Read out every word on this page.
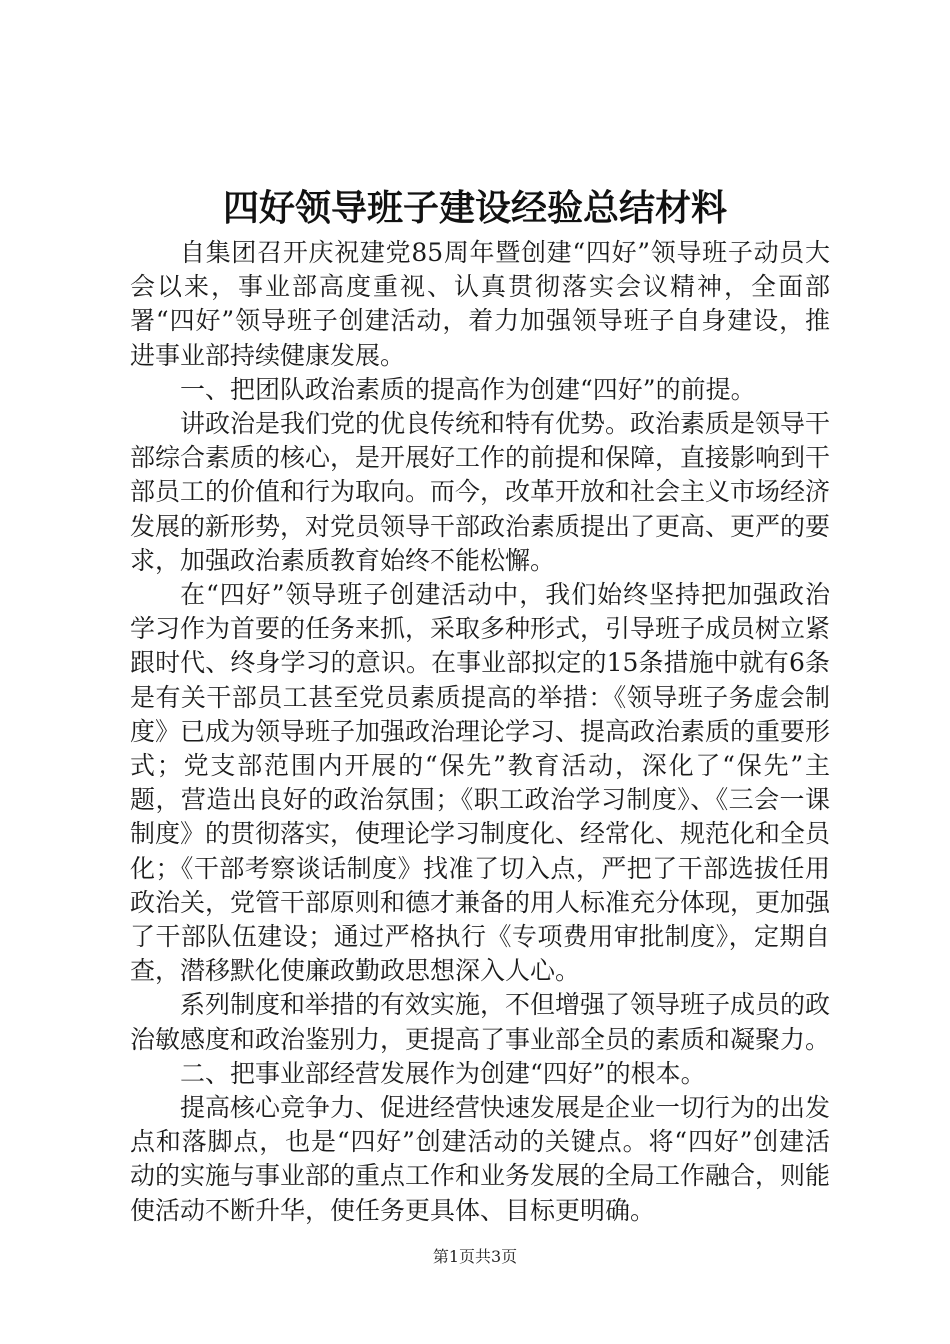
四好领导班子建设经验总结材料

自集团召开庆祝建党85周年暨创建“四好”领导班子动员大会以来，事业部高度重视、认真贯彻落实会议精神，全面部署“四好”领导班子创建活动，着力加强领导班子自身建设，推进事业部持续健康发展。

一、把团队政治素质的提高作为创建“四好”的前提。

讲政治是我们党的优良传统和特有优势。政治素质是领导干部综合素质的核心，是开展好工作的前提和保障，直接影响到干部员工的价值和行为取向。而今，改革开放和社会主义市场经济发展的新形势，对党员领导干部政治素质提出了更高、更严的要求，加强政治素质教育始终不能松懈。

在“四好”领导班子创建活动中，我们始终坚持把加强政治学习作为首要的任务来抓，采取多种形式，引导班子成员树立紧跟时代、终身学习的意识。在事业部拟定的15条措施中就有6条是有关干部员工甚至党员素质提高的举措：《领导班子务虚会制度》已成为领导班子加强政治理论学习、提高政治素质的重要形式；党支部范围内开展的“保先”教育活动，深化了“保先”主题，营造出良好的政治氛围；《职工政治学习制度》、《三会一课制度》的贯彻落实，使理论学习制度化、经常化、规范化和全员化；《干部考察谈话制度》找准了切入点，严把了干部选拔任用政治关，党管干部原则和德才兼备的用人标准充分体现，更加强了干部队伍建设；通过严格执行《专项费用审批制度》，定期自查，潜移默化使廉政勤政思想深入人心。

系列制度和举措的有效实施，不但增强了领导班子成员的政治敏感度和政治鉴别力，更提高了事业部全员的素质和凝聚力。

二、把事业部经营发展作为创建“四好”的根本。

提高核心竞争力、促进经营快速发展是企业一切行为的出发点和落脚点，也是“四好”创建活动的关键点。将“四好”创建活动的实施与事业部的重点工作和业务发展的全局工作融合，则能使活动不断升华，使任务更具体、目标更明确。

第1页共3页
